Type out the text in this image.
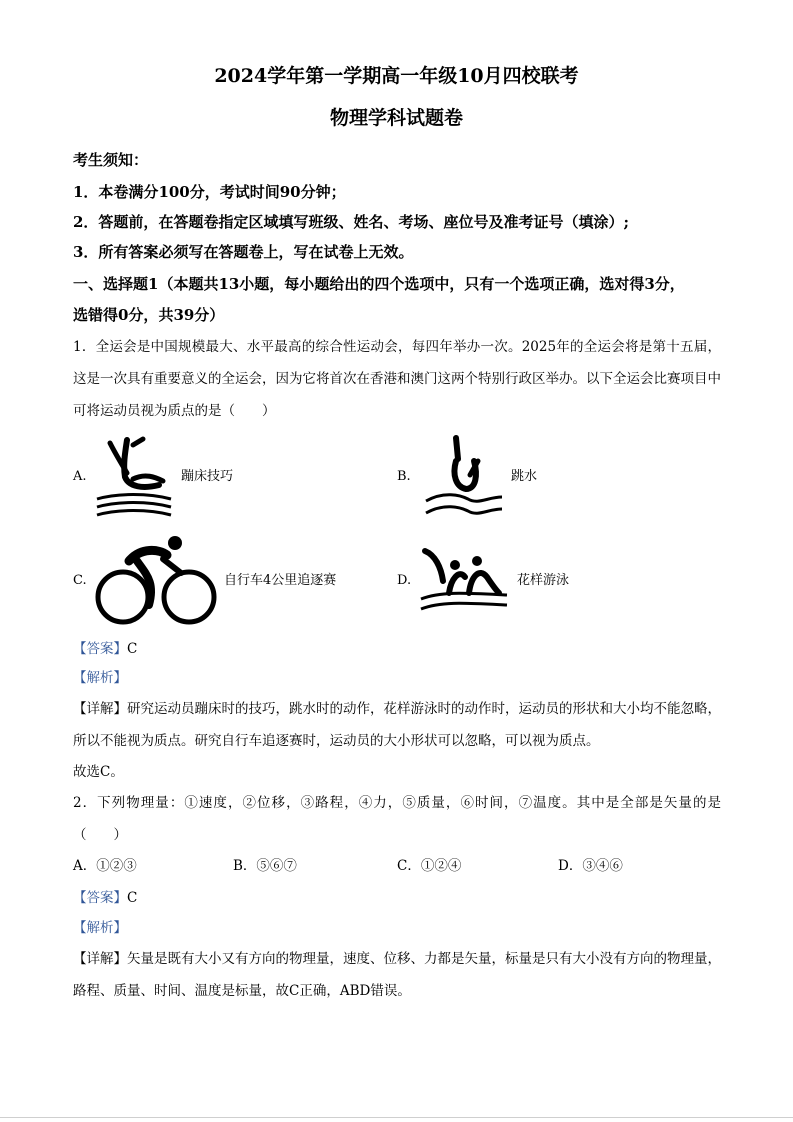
2024学年第一学期高一年级10月四校联考
物理学科试题卷
考生须知：
1．本卷满分100分，考试时间90分钟；
2．答题前，在答题卷指定区域填写班级、姓名、考场、座位号及准考证号（填涂）;
3．所有答案必须写在答题卷上，写在试卷上无效。
一、选择题1（本题共13小题，每小题给出的四个选项中，只有一个选项正确，选对得3分，
选错得0分，共39分）
1．全运会是中国规模最大、水平最高的综合性运动会，每四年举办一次。2025年的全运会将是第十五届，这是一次具有重要意义的全运会，因为它将首次在香港和澳门这两个特别行政区举办。以下全运会比赛项目中可将运动员视为质点的是（　　）
A.	蹦床技巧	B.	跳水
C.	自行车4公里追逐赛	D.	花样游泳
【答案】C
【解析】
【详解】研究运动员蹦床时的技巧，跳水时的动作，花样游泳时的动作时，运动员的形状和大小均不能忽略，所以不能视为质点。研究自行车追逐赛时，运动员的大小形状可以忽略，可以视为质点。
故选C。
2．下列物理量：①速度，②位移，③路程，④力，⑤质量，⑥时间，⑦温度。其中是全部是矢量的是（　　）
A．①②③	B．⑤⑥⑦	C．①②④	D．③④⑥
【答案】C
【解析】
【详解】矢量是既有大小又有方向的物理量，速度、位移、力都是矢量，标量是只有大小没有方向的物理量，路程、质量、时间、温度是标量，故C正确，ABD错误。
